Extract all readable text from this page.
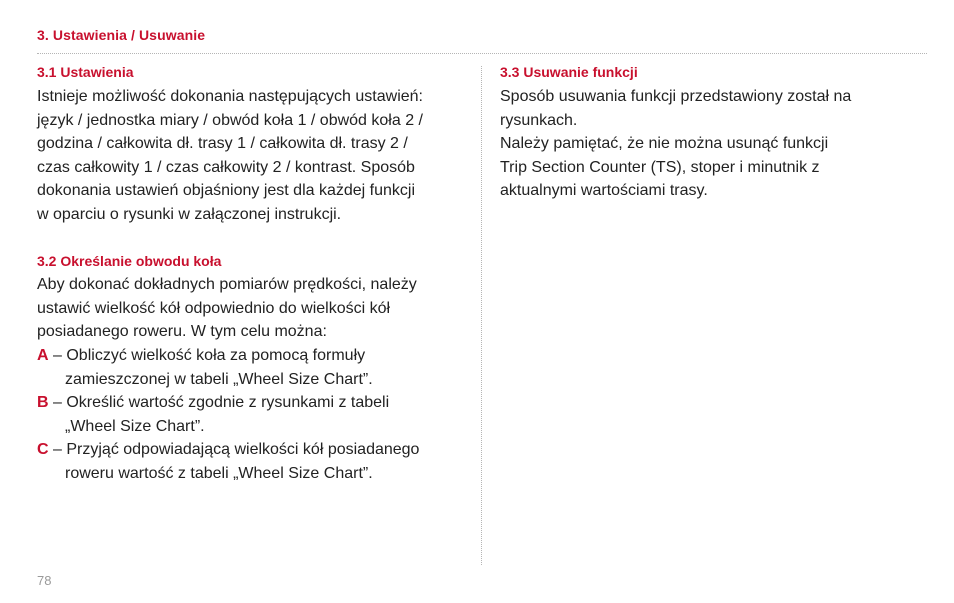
3. Ustawienia / Usuwanie
3.1 Ustawienia
Istnieje możliwość dokonania następujących ustawień:
język / jednostka miary / obwód koła 1 / obwód koła 2 /
godzina / całkowita dł. trasy 1 / całkowita dł. trasy 2 /
czas całkowity 1 / czas całkowity 2 / kontrast. Sposób
dokonania ustawień objaśniony jest dla każdej funkcji
w oparciu o rysunki w załączonej instrukcji.
3.2 Określanie obwodu koła
Aby dokonać dokładnych pomiarów prędkości, należy
ustawić wielkość kół odpowiednio do wielkości kół
posiadanego roweru. W tym celu można:
A – Obliczyć wielkość koła za pomocą formuły
zamieszczonej w tabeli „Wheel Size Chart”.
B – Określić wartość zgodnie z rysunkami z tabeli
„Wheel Size Chart”.
C – Przyjąć odpowiadającą wielkości kół posiadanego
roweru wartość z tabeli „Wheel Size Chart”.
3.3 Usuwanie funkcji
Sposób usuwania funkcji przedstawiony został na
rysunkach.
Należy pamiętać, że nie można usunąć funkcji
Trip Section Counter (TS), stoper i minutnik z
aktualnymi wartościami trasy.
78
